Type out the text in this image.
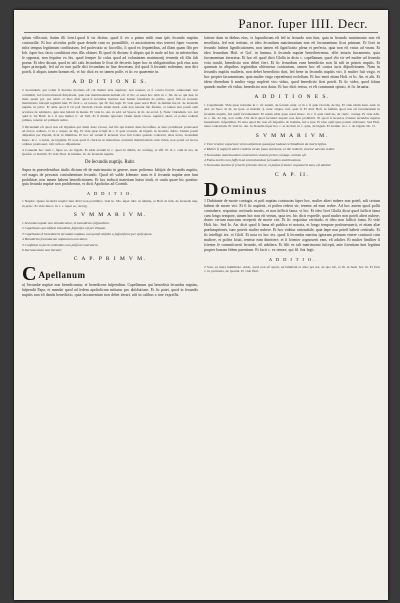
Panor. ſuper IIII. Decr.

ipſum villicauit, ſtatim illi ſcen.l.quod ſi vir dicitur, quod ſi vir a primo miſit eum ipſo ſecundo nuptias contraxiſſe. Et hoc aſcenſus poſſe quae deinde cum eo promiſſiſſe, vt auctoritatem eius teneret ſuper vxorem infra tempus legitimum conſtitutum, ſed proſecutio ac ſucceſſio, ſi quod ex ſequentibus, ad illam quam ſibi per Ioh. ſuper hoc facto conditioni eius illis obtinet. Et quod ſit dictum: ſi aliquis qui ſe male ad hoc in inferioribus ſe opponat, non ſequitur ex his, quod ſemper ſic caſus quod ad voluntatem matrimonij tenenda eſt illis ſub poena. Et ideo dicunt, quod in tali caſu ſecundum ſe ſicut de decretis ſuper hoc in obligationibus poſt eius acta ſuper principali, ſed ad eo non poſſe dici ſecundum in fine decretum, ſed quod ſi ſecundo nolentem, non dici poteſt, ſi aliquis tamen bonum eſt, vt hic dicit ex eo tamen poſſe, et ſic eo quaerente in.

A D D I T I O N E S.

2 Secundum, qui voluit ſi maritus mortuus eſt cui mulier ante nupſerat, non tenetur, et ſi contra fecerit, adulterium non committit, ſed fornicationem ſimplicem, quia tale matrimonium nullum eſt, vt hic, et tenet hoc Abb. in c. fin. de eo qui dux. in matr. quam pol. per adult. et ideo dicit quod ſi ſecundus maritus non habuit ſcientiam de primo, quod filii ex ſecundo matrimonio ſuſcepti legitimi ſunt. Et facit c. ex tenore, qui fil. ſint legit. Et vide quae notat Hoſt. in ſumma ſua tit. de ſecundis nuptiis, in princ. Et adde quod ſi vir poſt mortem vxoris aliam duxit, eam non tenetur ſub ſilentio, et tamen non poteſt eam accuſare de adulterio, quia non habuit in mente. Et vide Io. An. in add. ad Specu. in tit. de accuſ. §. Nunc videndum, ver. ſed quid ſi. Ita Bald. in l. ſi qua mulier C. ad Vell. Et ſi mulier ignorans virum ſuum vivere, nupſerit alteri, et poſtea redierit primus, tenetur ad primum redire.

3 Dicendum eſt quod non eſt bigamus qui duxit duas vxores, ſed ille qui habuit duas ſucceſſiue, et ideo prohibetur promoueri ad ſacros ordines, vt in c. nuper, de big. Et vide quae ſcripſi in c. ſi quis vxorem, de bigam. in ſecundo dubio. Tamen poteſt diſpenſari per Papam, ſicut in ſimilibus. Et hoc eſt verum ſi ſecunda vxor fuit ſoluta quando contraxit, alias ſecus, ſecundum Innoc. in c. a nobis, de bigamis. Et nota quod ſi clericus in minoribus contraxit matrimonium cum vidua, non poteſt ad ſacros ordines promoueri, niſi cum eo diſpenſetur.

4 Conuenit hoc cum c. ſuper eo, de bigam. Et adde textum in c. quod in dubiis, de conſang. et affi. Et in c. cum in tua, de ſponſal. et matrim. Et vide Host. in ſumma, tit. de ſecundis nuptiis.

De ſecundis nuptijs. Rubr.

Supra in præcedentibus titulis dictum eſt de matrimonio in genere, nunc poſtremo ſubijcit de ſecundis nuptiis, vel magis de personis contrahentium ſecundo. Quod eſt valde ſolemne: nam et ſi ſecunda nuptiæ non ſunt prohibitæ, non tamen habent benedictionem. Et hoc inducit materiam huius tituli, et cauſa quare hic ponitur: quia ſecunda nuptiæ non prohibentur, vt dicit Apoſtolus ad Corinth.

A D D I T I O.

1 Nuptiæ. Quare ſecundæ nuptiæ ſunt dictæ non prohibitæ, vide Io. Mo. ſuper rubr. in ſumma, et Hoſt. in ſum. de ſecundis nup. in princ. Et vide Innoc. in c. i. ſuper eo, de big.

S V M M A R I V M.

1 Secunda nuptiæ non benedicuntur, et benedicens ſuſpenditur.

2 Capellanus qui eiſdem benedixit, ſuſpenſus eſt per Papam.

3 Capellanus ſi benedixerit ſecundas nuptias, non poteſt abſolui a ſuſpenſione per epiſcopum.

4 Benedictio ſecundarum nuptiarum non datur.

5 Conſtituti in ſacris ordinibus non poſſunt contrahere.

6 Sacramentum non iteratur.

C A P. P R I M V M.
C Apellanum

a) Secundæ nuptiæ non benedicuntur, et benedicens ſuſpenditur. Capellanum qui benedixit ſecundas nuptias, ſuſpendit Papa, et mandat quod ad ſedem apoſtolicam mittatur pro abſolutione. Et ſic patet, quod in ſecundis nuptiis non eſt danda benedictio, quia ſacramentum non debet iterari, niſi in caſibus a iure expreſſis.

latione dum in diebus eius, vt ſupradictum eſt ſed in ſecundo non ſunt, quia in ſecundo matrimonio non eſt neceſſaria, ſed erat tertium, et ideo ſecundum matrimonium non eſt ſacramentum ſicut primum. Et licet in ſecundo habeat ſignificationem, non tamen eſt ſignificatio plena et perfecta, quia non eſt vnius ad vnam. Et ideo ſecundum Hoſt. et Gof. in ſumma, ſi ſecunda nuptiæ benedicerentur, eſſet iniuria ſacramento, quia ſacramentum iteraretur. Et hoc eſt quod dicit Gloſſa in dicto c. capellanum, quod vbi vir vel mulier ad ſecunda vota tranſit, benedictio non debet fieri. Et ſic ſecundum eum benedictio non ſit niſi in primis nuptiis. Et quamuis in aliquibus regionibus obſeruetur contrarium, tamen hoc eſt contra iuris diſpoſitionem. Nam in ſecundis nuptiis mulieris, non debet benedictio dari, ſed bene in ſecundis nuptiis viri, ſi mulier fuit virgo, et hoc propter ſacramentum, quia mulier virgo repræſentat eccleſiam. Et hoc tenet etiam Hoſt. et Io. An. et alii. Et idem dicendum ſi mulier virgo nupſerit viro viduo, quod benedictio fieri poteſt. Et ſic vides, quod ſolum quando mulier eſt vidua, benedictio non datur. Et hoc dicit textus, et eſt communis opinio, et ſic ſeruatur.

A D D I T I O N E S.

1 Capellanum. Vide quae notantur in c. vir autem, de ſecund. nupt. et in c. ſi quis vxorem, de big. Et vide etiam Ioan. And. in add. ad Spec. in tit. de ſpon. et matrim. §. nunc aliqua, verſ. quid ſi. Et dicit Hoſt. in ſumma quod non eſt ſacramentum in ſecundis nuptiis, ſed quaſi ſacramentum. Et etiam adde quae notat Innoc. in c. ſi quis clericus, de cleric. coniug. Et vide Abb. in c. fin. de big. non ordin. Ubi dicit quod ſecundæ nuptiæ non ſunt prohibitæ. Et quod ſi ſacerdos ſcienter ſecundas nuptias benedixerit, ſuſpenditur. Et nota quod hic non eſt ſuſpenſio ab homine, ſed a iure. Et ideo epiſcopus poterit abſoluere. Sed Hoſt. tenet contrarium. Et vide Io. An. in Nouella ſuper hoc c. et Archid. in c. quia, de bigam. Et Gemin. in c. i. de bigam. lib. vi.

S V M M A R I V M.

1 Vxor tenetur expectare virum abſentem quouſque habeat certitudinem de morte ipſius.

2 Mulier ſi nupſerit alteri credens virum ſuum mortuum, et ille redierit, tenetur ad eum redire.

3 Secundum matrimonium contractum viuente primo coniuge, nullum eſt.

4 Fama mortis non ſufficit ad contrahendum ſecundum matrimonium.

5 Secundus maritus ſi ſciuerit primum viuere, et poſtea ſcienter cognouerit eam, eſt adulter.

C A P. II.
D Ominus

1 Dubitante de morte coniugis, et poſt nuptias contractas ſuper hoc, mulier alteri nubere non poteſt, niſi certum habeat de morte viri. Et ſi ſic nupſerit, et poſtea redeat vir, tenetur ad eum redire. Ad hoc autem quod poſſit contrahere, requiritur certitudo mortis, et non ſufficit fama, vt hic. Et ideo licet Gloſſa dicat quod ſufficit fama cum longo tempore, tamen hoc non eſt verum, quia tex. hic dicit expreſſe, quod mulier non poteſt alteri nubere, donec certum nuncium receperit de morte viri. Et ſic requiritur certitudo, et ideo non ſufficit fama. Et vide Hoſt. hic. Sed Io. An. dicit quod ſi fama eſt publica et notoria, et longo tempore perſeuerauerit, et etiam aliæ præſumptiones, tunc poterit mulier nubere. Et hoc videtur rationabile, quia ſæpe non poteſt haberi certitudo. Et ſic intelligit tex. et Gloſſ. Et nota ex hoc tex. quod ſi ſecundus maritus ignorans primum viuere contraxit cum muliere, et poſtea ſciuit, tenetur eam dimittere, et ſi ſcienter cognouerit eam, eſt adulter. Et mulier ſimiliter ſi ſcienter ſe commiſcuerit ſecundo, eſt adultera. Et filii ex tali matrimonio ſuſcepti, ante ſcientiam ſunt legitimi propter bonam fidem parentum. Et facit c. ex tenore, qui fil. ſint legit.

A D D I T I O.

2 Sola, ex mera humilitate. Addo, quod non eſt aperti, ad ſummam et alios per tex. de quo hic, et Iſt. in Sum. hoc tit. Et facit c. in præſentia, de ſponſal. Et vide Hoſt.
